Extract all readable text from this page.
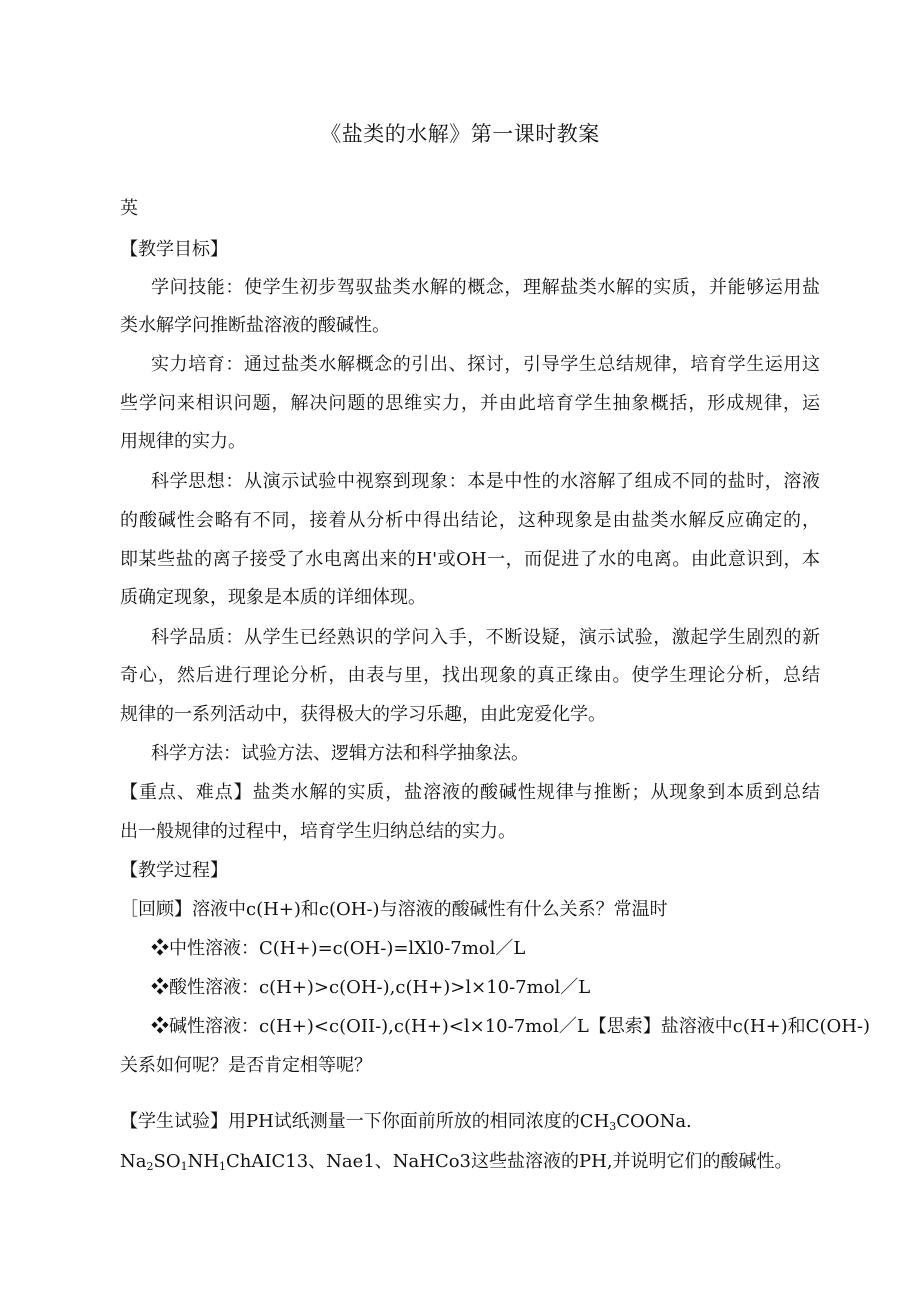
《盐类的水解》第一课时教案
英
【教学目标】
学问技能：使学生初步驾驭盐类水解的概念，理解盐类水解的实质，并能够运用盐
类水解学问推断盐溶液的酸碱性。
实力培育：通过盐类水解概念的引出、探讨，引导学生总结规律，培育学生运用这
些学问来相识问题，解决问题的思维实力，并由此培育学生抽象概括，形成规律，运
用规律的实力。
科学思想：从演示试验中视察到现象：本是中性的水溶解了组成不同的盐时，溶液
的酸碱性会略有不同，接着从分析中得出结论，这种现象是由盐类水解反应确定的，
即某些盐的离子接受了水电离出来的H'或OH一，而促进了水的电离。由此意识到，本
质确定现象，现象是本质的详细体现。
科学品质：从学生已经熟识的学问入手，不断设疑，演示试验，激起学生剧烈的新
奇心，然后进行理论分析，由表与里，找出现象的真正缘由。使学生理论分析，总结
规律的一系列活动中，获得极大的学习乐趣，由此宠爱化学。
科学方法：试验方法、逻辑方法和科学抽象法。
【重点、难点】盐类水解的实质，盐溶液的酸碱性规律与推断；从现象到本质到总结
出一般规律的过程中，培育学生归纳总结的实力。
【教学过程】
［回顾】溶液中c(H+)和c(OH-)与溶液的酸碱性有什么关系？常温时
❖中性溶液：C(H+)=c(OH-)=lXl0-7mol／L
❖酸性溶液：c(H+)>c(OH-),c(H+)>l×10-7mol／L
❖碱性溶液：c(H+)<c(OII-),c(H+)<l×10-7mol／L【思索】盐溶液中c(H+)和C(OH-)
关系如何呢？是否肯定相等呢？
【学生试验】用PH试纸测量一下你面前所放的相同浓度的$CH_3COONa$.
$Na_2SO_1NH_1ChAIC13$、Nae1、NaHCo3这些盐溶液的PH,并说明它们的酸碱性。
